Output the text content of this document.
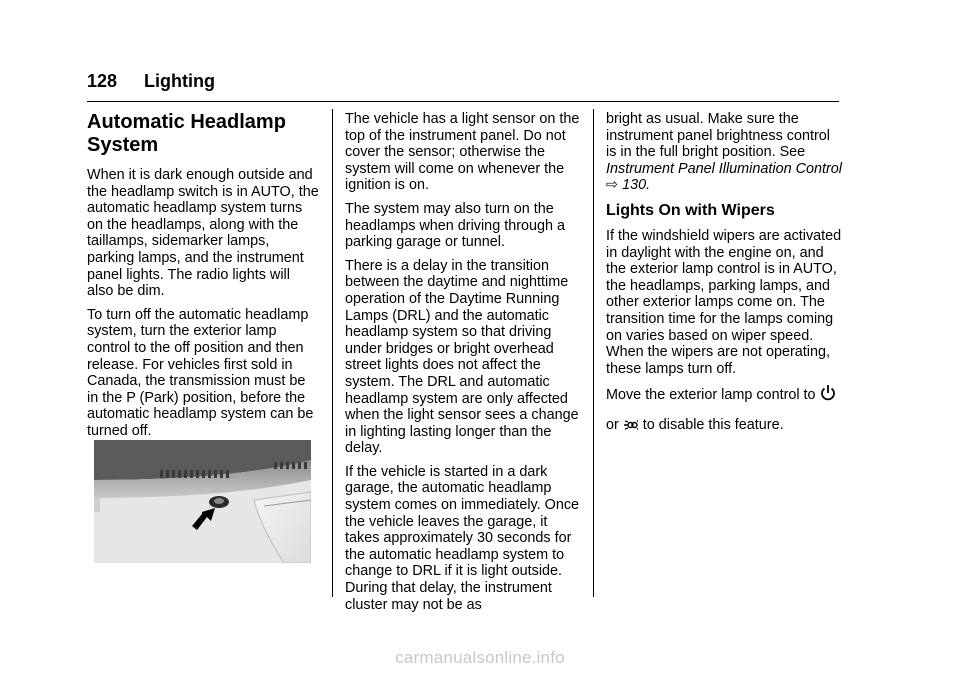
128 Lighting
Automatic Headlamp System

When it is dark enough outside and the headlamp switch is in AUTO, the automatic headlamp system turns on the headlamps, along with the taillamps, sidemarker lamps, parking lamps, and the instrument panel lights. The radio lights will also be dim.

To turn off the automatic headlamp system, turn the exterior lamp control to the off position and then release. For vehicles first sold in Canada, the transmission must be in the P (Park) position, before the automatic headlamp system can be turned off.

The vehicle has a light sensor on the top of the instrument panel. Do not cover the sensor; otherwise the system will come on whenever the ignition is on.

The system may also turn on the headlamps when driving through a parking garage or tunnel.

There is a delay in the transition between the daytime and nighttime operation of the Daytime Running Lamps (DRL) and the automatic headlamp system so that driving under bridges or bright overhead street lights does not affect the system. The DRL and automatic headlamp system are only affected when the light sensor sees a change in lighting lasting longer than the delay.

If the vehicle is started in a dark garage, the automatic headlamp system comes on immediately. Once the vehicle leaves the garage, it takes approximately 30 seconds for the automatic headlamp system to change to DRL if it is light outside. During that delay, the instrument cluster may not be as

bright as usual. Make sure the instrument panel brightness control is in the full bright position. See Instrument Panel Illumination Control ⇨ 130.

Lights On with Wipers

If the windshield wipers are activated in daylight with the engine on, and the exterior lamp control is in AUTO, the headlamps, parking lamps, and other exterior lamps come on. The transition time for the lamps coming on varies based on wiper speed. When the wipers are not operating, these lamps turn off.

Move the exterior lamp control to

or to disable this feature.

carmanualsonline.info
